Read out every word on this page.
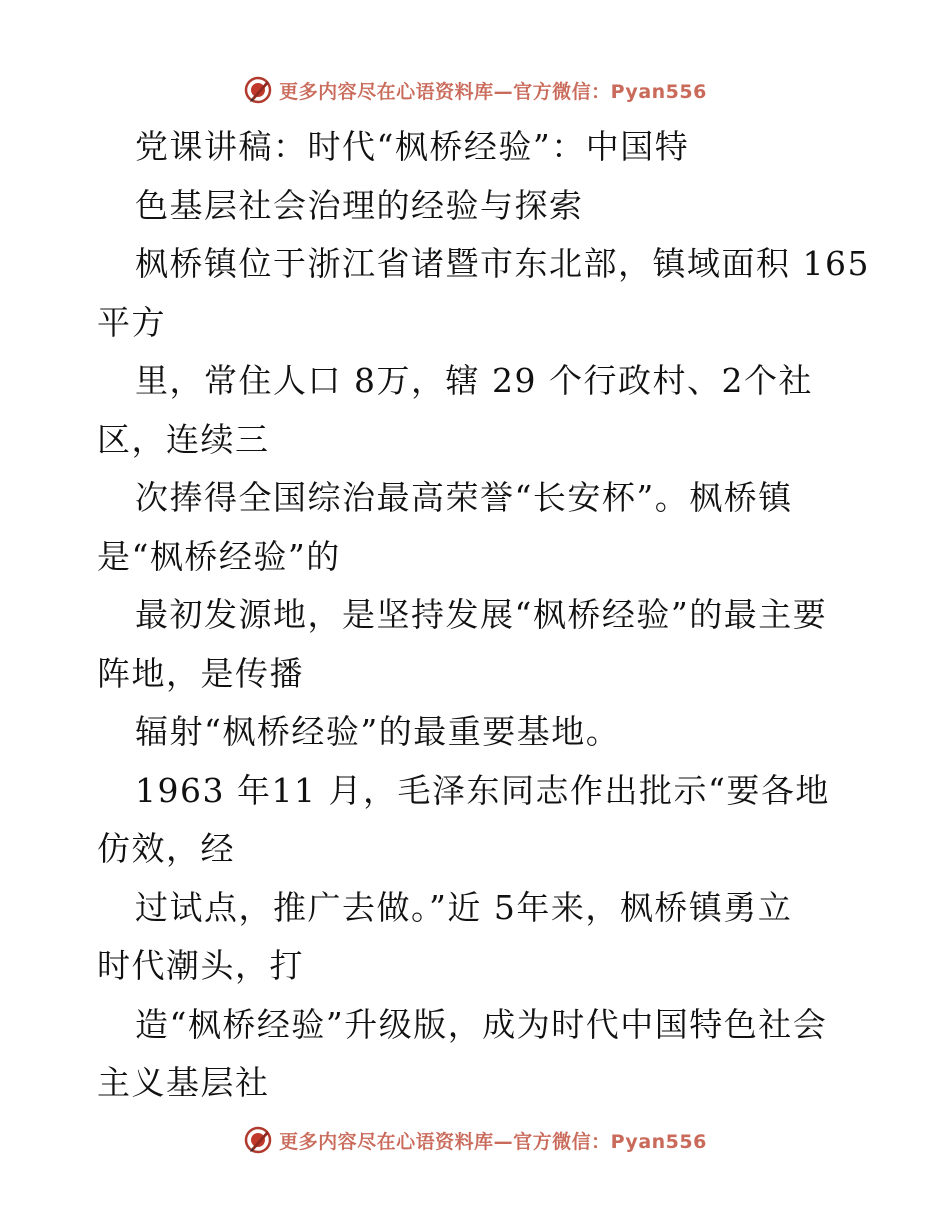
更多内容尽在心语资料库—官方微信：Pyan556
党课讲稿：时代“枫桥经验”：中国特
色基层社会治理的经验与探索
枫桥镇位于浙江省诸暨市东北部，镇域面积 165
平方
里，常住人口 8万，辖 29 个行政村、2个社
区，连续三
次捧得全国综治最高荣誉“长安杯”。枫桥镇
是“枫桥经验”的
最初发源地，是坚持发展“枫桥经验”的最主要
阵地，是传播
辐射“枫桥经验”的最重要基地。
1963 年11 月，毛泽东同志作出批示“要各地
仿效，经
过试点，推广去做。”近 5年来，枫桥镇勇立
时代潮头，打
造“枫桥经验”升级版，成为时代中国特色社会
主义基层社
更多内容尽在心语资料库—官方微信：Pyan556
